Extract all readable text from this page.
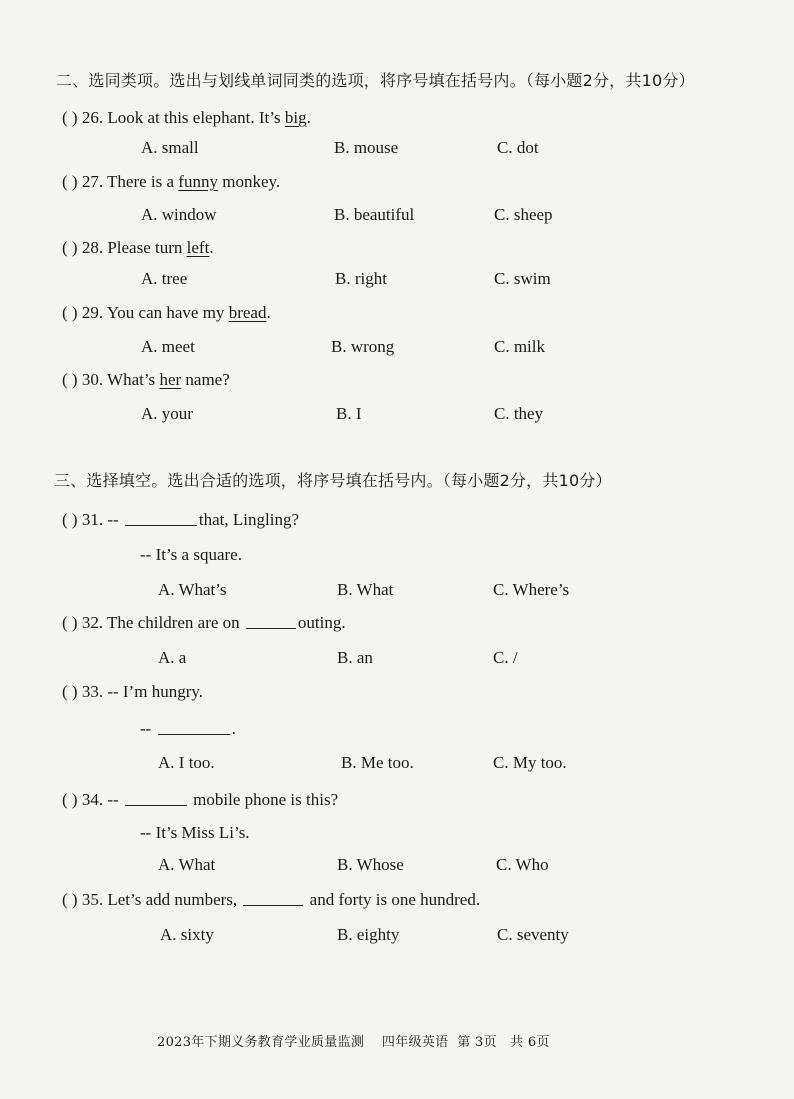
二、选同类项。选出与划线单词同类的选项，将序号填在括号内。（每小题2分，共10分）
( ) 26. Look at this elephant. It’s big.
A. small	B. mouse	C. dot
( ) 27. There is a funny monkey.
A. window	B. beautiful	C. sheep
( ) 28. Please turn left.
A. tree	B. right	C. swim
( ) 29. You can have my bread.
A. meet	B. wrong	C. milk
( ) 30. What’s her name?
A. your	B. I	C. they
三、选择填空。选出合适的选项，将序号填在括号内。（每小题2分，共10分）
( ) 31. --	that, Lingling?
-- It’s a square.
A. What’s	B. What	C. Where’s
( ) 32. The children are on	outing.
A. a	B. an	C. /
( ) 33. -- I’m hungry.
--	.
A. I too.	B. Me too.	C. My too.
( ) 34. --	mobile phone is this?
-- It’s Miss Li’s.
A. What	B. Whose	C. Who
( ) 35. Let’s add numbers,	and forty is one hundred.
A. sixty	B. eighty	C. seventy
2023年下期义务教育学业质量监测    四年级英语  第 3页   共 6页
